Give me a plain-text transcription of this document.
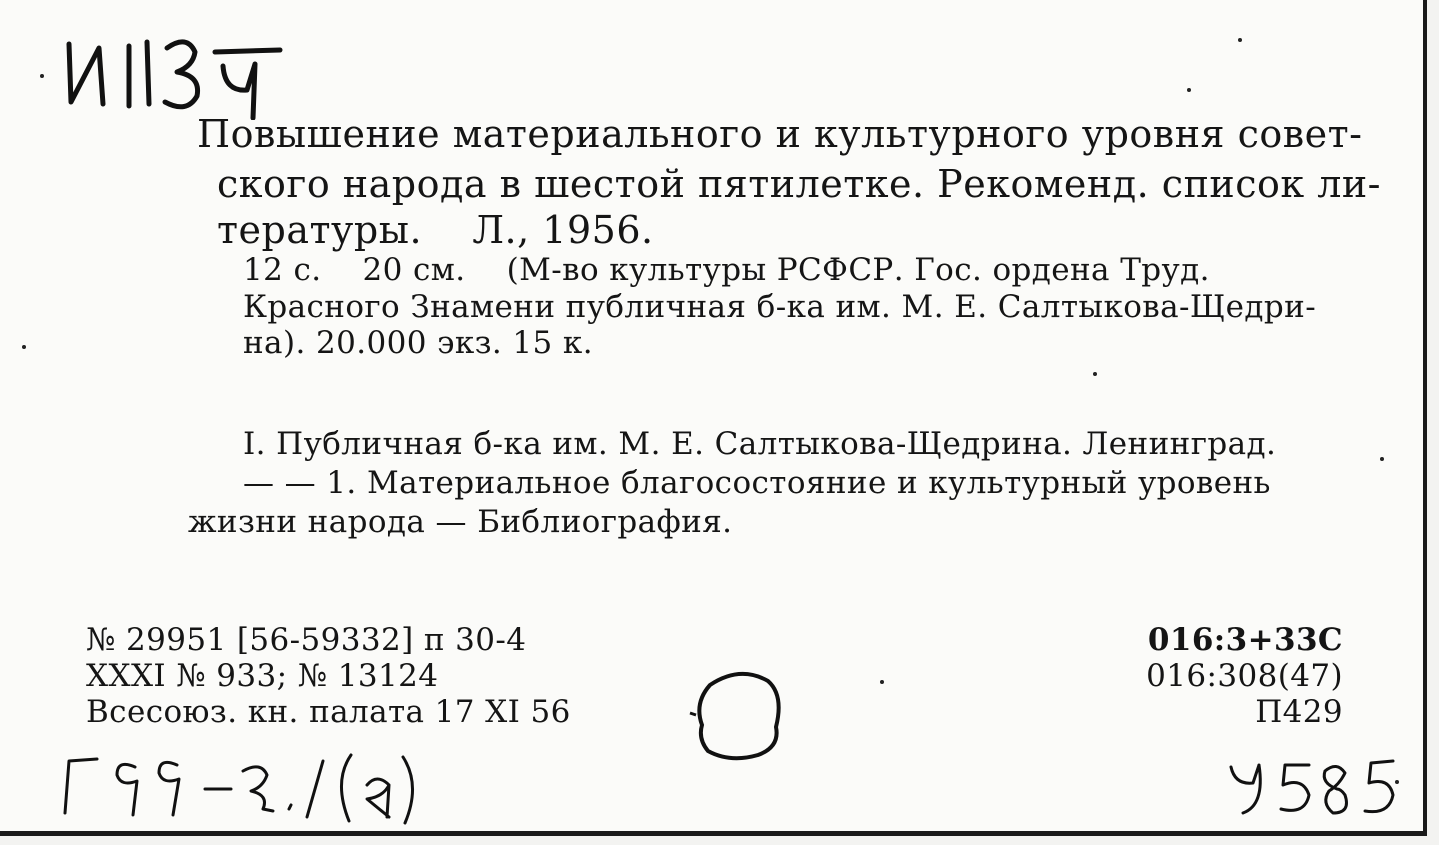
И113 Ч
Повышение материального и культурного уровня совет-
ского народа в шестой пятилетке. Рекоменд. список ли-
тературы.    Л., 1956.
12 с.    20 см.    (М-во культуры РСФСР. Гос. ордена Труд.
Красного Знамени публичная б-ка им. М. Е. Салтыкова-Щедри-
на). 20.000 экз. 15 к.
I. Публичная б-ка им. М. Е. Салтыкова-Щедрина. Ленинград.
— — 1. Материальное благосостояние и культурный уровень
жизни народа — Библиография.
№ 29951 [56-59332] п 30-4
XXXI № 933; № 13124
Всесоюз. кн. палата 17 XI 56
016:3+33С
016:308(47)
П429
Г99-2.1(Я)
У585
